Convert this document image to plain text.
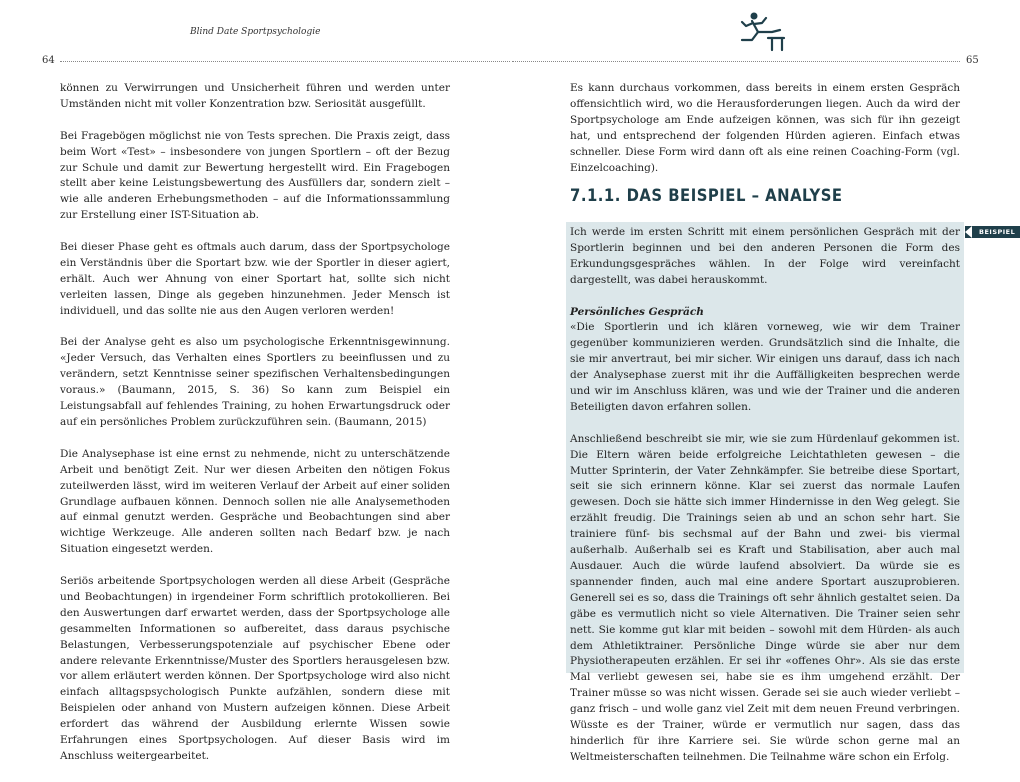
Blind Date Sportpsychologie
64	65

können zu Verwirrungen und Unsicherheit führen und werden unter Umständen nicht mit voller Konzentration bzw. Seriosität ausgefüllt.

Bei Fragebögen möglichst nie von Tests sprechen. Die Praxis zeigt, dass beim Wort «Test» – insbesondere von jungen Sportlern – oft der Bezug zur Schule und damit zur Bewertung hergestellt wird. Ein Fragebogen stellt aber keine Leistungsbewertung des Ausfüllers dar, sondern zielt – wie alle anderen Erhebungsmethoden – auf die Informationssammlung zur Erstellung einer IST-Situation ab.

Bei dieser Phase geht es oftmals auch darum, dass der Sportpsychologe ein Verständnis über die Sportart bzw. wie der Sportler in dieser agiert, erhält. Auch wer Ahnung von einer Sportart hat, sollte sich nicht verleiten lassen, Dinge als gegeben hinzunehmen. Jeder Mensch ist individuell, und das sollte nie aus den Augen verloren werden!

Bei der Analyse geht es also um psychologische Erkenntnisgewinnung. «Jeder Versuch, das Verhalten eines Sportlers zu beeinflussen und zu verändern, setzt Kenntnisse seiner spezifischen Verhaltensbedingungen voraus.» (Baumann, 2015, S. 36) So kann zum Beispiel ein Leistungsabfall auf fehlendes Training, zu hohen Erwartungsdruck oder auf ein persönliches Problem zurückzuführen sein. (Baumann, 2015)

Die Analysephase ist eine ernst zu nehmende, nicht zu unterschätzende Arbeit und benötigt Zeit. Nur wer diesen Arbeiten den nötigen Fokus zuteilwerden lässt, wird im weiteren Verlauf der Arbeit auf einer soliden Grundlage aufbauen können. Dennoch sollen nie alle Analysemethoden auf einmal genutzt werden. Gespräche und Beobachtungen sind aber wichtige Werkzeuge. Alle anderen sollten nach Bedarf bzw. je nach Situation eingesetzt werden.

Seriös arbeitende Sportpsychologen werden all diese Arbeit (Gespräche und Beobachtungen) in irgendeiner Form schriftlich protokollieren. Bei den Auswertungen darf erwartet werden, dass der Sportpsychologe alle gesammelten Informationen so aufbereitet, dass daraus psychische Belastungen, Verbesserungspotenziale auf psychischer Ebene oder andere relevante Erkenntnisse/Muster des Sportlers herausgelesen bzw. vor allem erläutert werden können. Der Sportpsychologe wird also nicht einfach alltagspsychologisch Punkte aufzählen, sondern diese mit Beispielen oder anhand von Mustern aufzeigen können. Diese Arbeit erfordert das während der Ausbildung erlernte Wissen sowie Erfahrungen eines Sportpsychologen. Auf dieser Basis wird im Anschluss weitergearbeitet.

Es kann durchaus vorkommen, dass bereits in einem ersten Gespräch offensichtlich wird, wo die Herausforderungen liegen. Auch da wird der Sportpsychologe am Ende aufzeigen können, was sich für ihn gezeigt hat, und entsprechend der folgenden Hürden agieren. Einfach etwas schneller. Diese Form wird dann oft als eine reinen Coaching-Form (vgl. Einzelcoaching).

7.1.1. DAS BEISPIEL – ANALYSE
BEISPIEL

Ich werde im ersten Schritt mit einem persönlichen Gespräch mit der Sportlerin beginnen und bei den anderen Personen die Form des Erkundungsgespräches wählen. In der Folge wird vereinfacht dargestellt, was dabei herauskommt.

Persönliches Gespräch

«Die Sportlerin und ich klären vorneweg, wie wir dem Trainer gegenüber kommunizieren werden. Grundsätzlich sind die Inhalte, die sie mir anvertraut, bei mir sicher. Wir einigen uns darauf, dass ich nach der Analysephase zuerst mit ihr die Auffälligkeiten besprechen werde und wir im Anschluss klären, was und wie der Trainer und die anderen Beteiligten davon erfahren sollen.

Anschließend beschreibt sie mir, wie sie zum Hürdenlauf gekommen ist. Die Eltern wären beide erfolgreiche Leichtathleten gewesen – die Mutter Sprinterin, der Vater Zehnkämpfer. Sie betreibe diese Sportart, seit sie sich erinnern könne. Klar sei zuerst das normale Laufen gewesen. Doch sie hätte sich immer Hindernisse in den Weg gelegt. Sie erzählt freudig. Die Trainings seien ab und an schon sehr hart. Sie trainiere fünf- bis sechsmal auf der Bahn und zwei- bis viermal außerhalb. Außerhalb sei es Kraft und Stabilisation, aber auch mal Ausdauer. Auch die würde laufend absolviert. Da würde sie es spannender finden, auch mal eine andere Sportart auszuprobieren. Generell sei es so, dass die Trainings oft sehr ähnlich gestaltet seien. Da gäbe es vermutlich nicht so viele Alternativen. Die Trainer seien sehr nett. Sie komme gut klar mit beiden – sowohl mit dem Hürden- als auch dem Athletiktrainer. Persönliche Dinge würde sie aber nur dem Physiotherapeuten erzählen. Er sei ihr «offenes Ohr». Als sie das erste Mal verliebt gewesen sei, habe sie es ihm umgehend erzählt. Der Trainer müsse so was nicht wissen. Gerade sei sie auch wieder verliebt – ganz frisch – und wolle ganz viel Zeit mit dem neuen Freund verbringen. Wüsste es der Trainer, würde er vermutlich nur sagen, dass das hinderlich für ihre Karriere sei. Sie würde schon gerne mal an Weltmeisterschaften teilnehmen. Die Teilnahme wäre schon ein Erfolg.
